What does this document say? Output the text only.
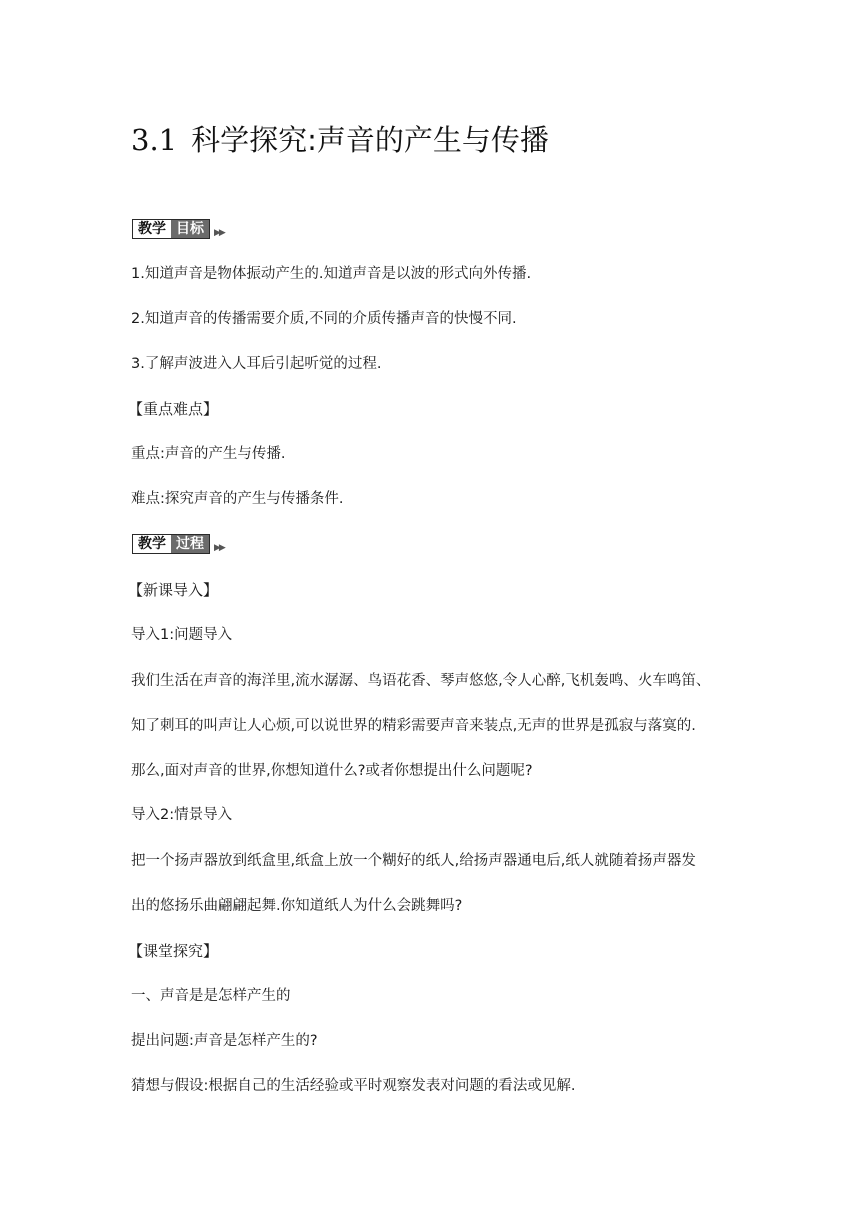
3.1 科学探究:声音的产生与传播
教学 目标	▶▶
1.知道声音是物体振动产生的.知道声音是以波的形式向外传播.
2.知道声音的传播需要介质,不同的介质传播声音的快慢不同.
3.了解声波进入人耳后引起听觉的过程.
【重点难点】
重点:声音的产生与传播.
难点:探究声音的产生与传播条件.
教学 过程	▶▶
【新课导入】
导入1:问题导入
我们生活在声音的海洋里,流水潺潺、鸟语花香、琴声悠悠,令人心醉,飞机轰鸣、火车鸣笛、
知了刺耳的叫声让人心烦,可以说世界的精彩需要声音来装点,无声的世界是孤寂与落寞的.
那么,面对声音的世界,你想知道什么?或者你想提出什么问题呢?
导入2:情景导入
把一个扬声器放到纸盒里,纸盒上放一个糊好的纸人,给扬声器通电后,纸人就随着扬声器发
出的悠扬乐曲翩翩起舞.你知道纸人为什么会跳舞吗?
【课堂探究】
一、声音是是怎样产生的
提出问题:声音是怎样产生的?
猜想与假设:根据自己的生活经验或平时观察发表对问题的看法或见解.
